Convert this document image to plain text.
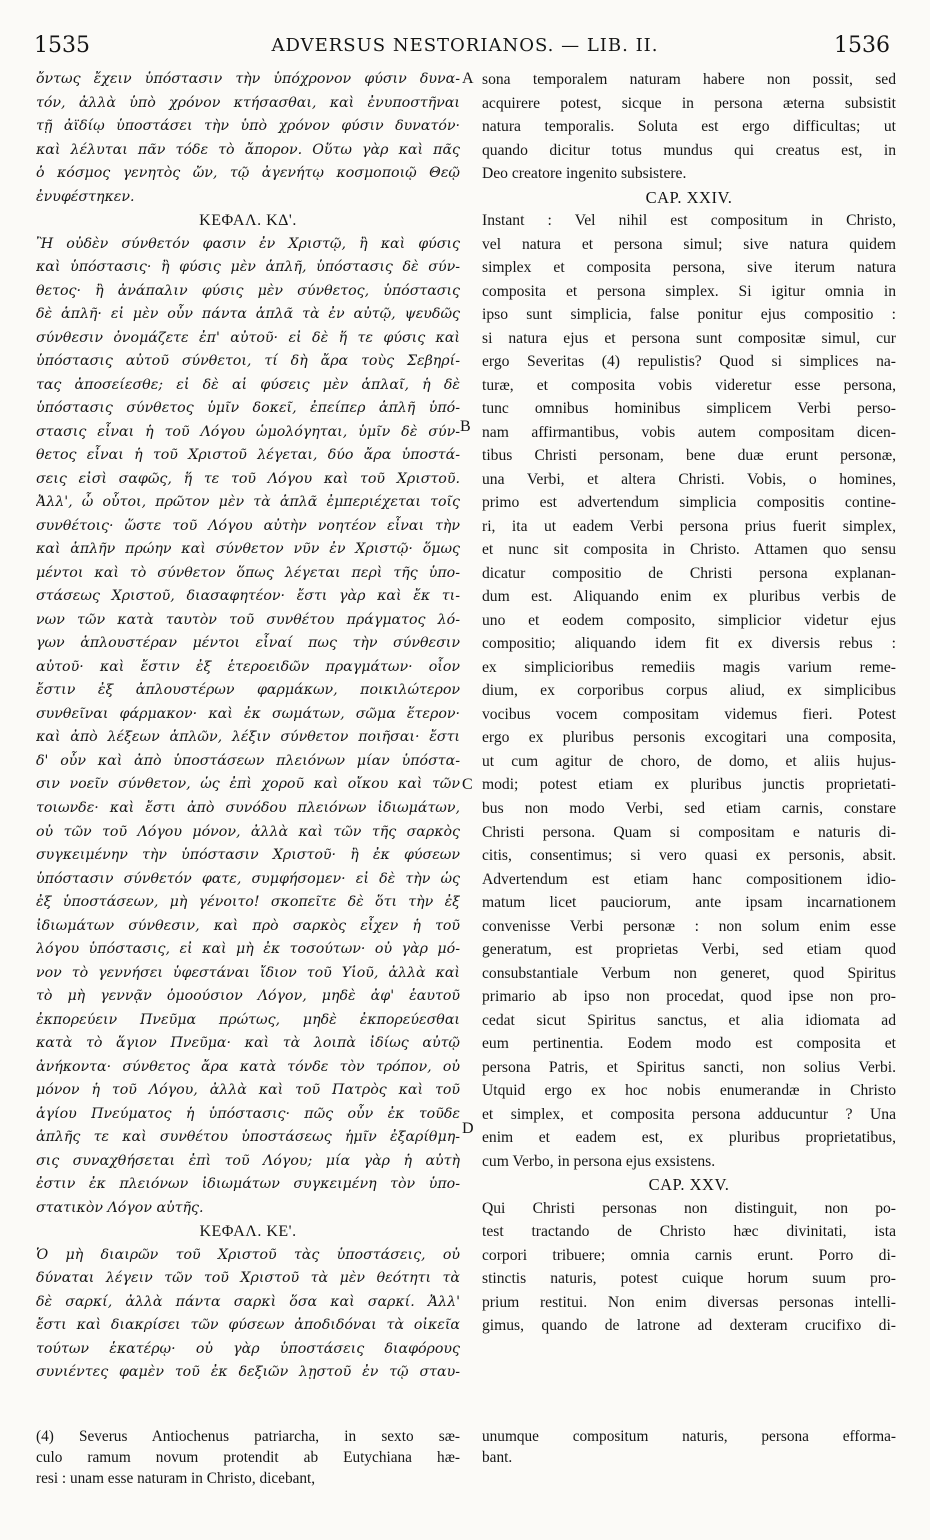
1535	ADVERSUS NESTORIANOS. — LIB. II.	1536
ὄντως ἔχειν ὑπόστασιν τὴν ὑπόχρονον φύσιν δυνα-
τόν, ἀλλὰ ὑπὸ χρόνον κτήσασθαι, καὶ ἐνυποστῆναι
τῇ ἀϊδίῳ ὑποστάσει τὴν ὑπὸ χρόνον φύσιν δυνατόν·
καὶ λέλυται πᾶν τόδε τὸ ἄπορον. Οὕτω γὰρ καὶ πᾶς
ὁ κόσμος γενητὸς ὤν, τῷ ἀγενήτῳ κοσμοποιῷ Θεῷ
ἐνυφέστηκεν.
ΚΕΦΑΛ. ΚΔ'.
Ἢ οὐδὲν σύνθετόν φασιν ἐν Χριστῷ, ἢ καὶ φύσις
καὶ ὑπόστασις· ἢ φύσις μὲν ἁπλῆ, ὑπόστασις δὲ σύν-
θετος· ἢ ἀνάπαλιν φύσις μὲν σύνθετος, ὑπόστασις
δὲ ἁπλῆ· εἰ μὲν οὖν πάντα ἁπλᾶ τὰ ἐν αὐτῷ, ψευδῶς
σύνθεσιν ὀνομάζετε ἐπ' αὐτοῦ· εἰ δὲ ἥ τε φύσις καὶ
ὑπόστασις αὐτοῦ σύνθετοι, τί δὴ ἄρα τοὺς Σεβηρί-
τας ἀποσείεσθε; εἰ δὲ αἱ φύσεις μὲν ἁπλαῖ, ἡ δὲ
ὑπόστασις σύνθετος ὑμῖν δοκεῖ, ἐπείπερ ἁπλῆ ὑπό-
στασις εἶναι ἡ τοῦ Λόγου ὡμολόγηται, ὑμῖν δὲ σύν-
θετος εἶναι ἡ τοῦ Χριστοῦ λέγεται, δύο ἄρα ὑποστά-
σεις εἰσὶ σαφῶς, ἥ τε τοῦ Λόγου καὶ τοῦ Χριστοῦ.
Ἀλλ', ὦ οὗτοι, πρῶτον μὲν τὰ ἁπλᾶ ἐμπεριέχεται τοῖς
συνθέτοις· ὥστε τοῦ Λόγου αὐτὴν νοητέον εἶναι τὴν
καὶ ἁπλῆν πρώην καὶ σύνθετον νῦν ἐν Χριστῷ· ὅμως
μέντοι καὶ τὸ σύνθετον ὅπως λέγεται περὶ τῆς ὑπο-
στάσεως Χριστοῦ, διασαφητέον· ἔστι γὰρ καὶ ἔκ τι-
νων τῶν κατὰ ταυτὸν τοῦ συνθέτου πράγματος λό-
γων ἁπλουστέραν μέντοι εἶναί πως τὴν σύνθεσιν
αὐτοῦ· καὶ ἔστιν ἐξ ἑτεροειδῶν πραγμάτων· οἷον
ἔστιν ἐξ ἁπλουστέρων φαρμάκων, ποικιλώτερον
συνθεῖναι φάρμακον· καὶ ἐκ σωμάτων, σῶμα ἕτερον·
καὶ ἀπὸ λέξεων ἁπλῶν, λέξιν σύνθετον ποιῆσαι· ἔστι
δ' οὖν καὶ ἀπὸ ὑποστάσεων πλειόνων μίαν ὑπόστα-
σιν νοεῖν σύνθετον, ὡς ἐπὶ χοροῦ καὶ οἴκου καὶ τῶν
τοιωνδε· καὶ ἔστι ἀπὸ συνόδου πλειόνων ἰδιωμάτων,
οὐ τῶν τοῦ Λόγου μόνον, ἀλλὰ καὶ τῶν τῆς σαρκὸς
συγκειμένην τὴν ὑπόστασιν Χριστοῦ· ἢ ἐκ φύσεων
ὑπόστασιν σύνθετόν φατε, συμφήσομεν· εἰ δὲ τὴν ὡς
ἐξ ὑποστάσεων, μὴ γένοιτο! σκοπεῖτε δὲ ὅτι τὴν ἐξ
ἰδιωμάτων σύνθεσιν, καὶ πρὸ σαρκὸς εἶχεν ἡ τοῦ
λόγου ὑπόστασις, εἰ καὶ μὴ ἐκ τοσούτων· οὐ γὰρ μό-
νον τὸ γεννήσει ὑφεστάναι ἴδιον τοῦ Υἱοῦ, ἀλλὰ καὶ
τὸ μὴ γεννᾷν ὁμοούσιον Λόγον, μηδὲ ἀφ' ἑαυτοῦ
ἐκπορεύειν Πνεῦμα πρώτως, μηδὲ ἐκπορεύεσθαι
κατὰ τὸ ἅγιον Πνεῦμα· καὶ τὰ λοιπὰ ἰδίως αὐτῷ
ἀνήκοντα· σύνθετος ἄρα κατὰ τόνδε τὸν τρόπον, οὐ
μόνον ἡ τοῦ Λόγου, ἀλλὰ καὶ τοῦ Πατρὸς καὶ τοῦ
ἁγίου Πνεύματος ἡ ὑπόστασις· πῶς οὖν ἐκ τοῦδε
ἁπλῆς τε καὶ συνθέτου ὑποστάσεως ἡμῖν ἐξαρίθμη-
σις συναχθήσεται ἐπὶ τοῦ Λόγου; μία γὰρ ἡ αὐτὴ
ἐστιν ἐκ πλειόνων ἰδιωμάτων συγκειμένη τὸν ὑπο-
στατικὸν Λόγον αὐτῆς.
ΚΕΦΑΛ. ΚΕ'.
Ὁ μὴ διαιρῶν τοῦ Χριστοῦ τὰς ὑποστάσεις, οὐ
δύναται λέγειν τῶν τοῦ Χριστοῦ τὰ μὲν θεότητι τὰ
δὲ σαρκί, ἀλλὰ πάντα σαρκὶ ὅσα καὶ σαρκί. Ἀλλ'
ἔστι καὶ διακρίσει τῶν φύσεων ἀποδιδόναι τὰ οἰκεῖα
τούτων ἑκατέρῳ· οὐ γὰρ ὑποστάσεις διαφόρους
συνιέντες φαμὲν τοῦ ἐκ δεξιῶν λῃστοῦ ἐν τῷ σταυ-
sona temporalem naturam habere non possit, sed
acquirere potest, sicque in persona æterna subsistit
natura temporalis. Soluta est ergo difficultas; ut
quando dicitur totus mundus qui creatus est, in
Deo creatore ingenito subsistere.
CAP. XXIV.
Instant : Vel nihil est compositum in Christo,
vel natura et persona simul; sive natura quidem
simplex et composita persona, sive iterum natura
composita et persona simplex. Si igitur omnia in
ipso sunt simplicia, false ponitur ejus compositio :
si natura ejus et persona sunt compositæ simul, cur
ergo Severitas (4) repulistis? Quod si simplices na-
turæ, et composita vobis videretur esse persona,
tunc omnibus hominibus simplicem Verbi perso-
nam affirmantibus, vobis autem compositam dicen-
tibus Christi personam, bene duæ erunt personæ,
una Verbi, et altera Christi. Vobis, o homines,
primo est advertendum simplicia compositis contine-
ri, ita ut eadem Verbi persona prius fuerit simplex,
et nunc sit composita in Christo. Attamen quo sensu
dicatur compositio de Christi persona explanan-
dum est. Aliquando enim ex pluribus verbis de
uno et eodem composito, simplicior videtur ejus
compositio; aliquando idem fit ex diversis rebus :
ex simplicioribus remediis magis varium reme-
dium, ex corporibus corpus aliud, ex simplicibus
vocibus vocem compositam videmus fieri. Potest
ergo ex pluribus personis excogitari una composita,
ut cum agitur de choro, de domo, et aliis hujus-
modi; potest etiam ex pluribus junctis proprietati-
bus non modo Verbi, sed etiam carnis, constare
Christi persona. Quam si compositam e naturis di-
citis, consentimus; si vero quasi ex personis, absit.
Advertendum est etiam hanc compositionem idio-
matum licet pauciorum, ante ipsam incarnationem
convenisse Verbi personæ : non solum enim esse
generatum, est proprietas Verbi, sed etiam quod
consubstantiale Verbum non generet, quod Spiritus
primario ab ipso non procedat, quod ipse non pro-
cedat sicut Spiritus sanctus, et alia idiomata ad
eum pertinentia. Eodem modo est composita et
persona Patris, et Spiritus sancti, non solius Verbi.
Utquid ergo ex hoc nobis enumerandæ in Christo
et simplex, et composita persona adducuntur ? Una
enim et eadem est, ex pluribus proprietatibus,
cum Verbo, in persona ejus exsistens.
CAP. XXV.
Qui Christi personas non distinguit, non po-
test tractando de Christo hæc divinitati, ista
corpori tribuere; omnia carnis erunt. Porro di-
stinctis naturis, potest cuique horum suum pro-
prium restitui. Non enim diversas personas intelli-
gimus, quando de latrone ad dexteram crucifixo di-
A
B
C
D
(4) Severus Antiochenus patriarcha, in sexto sæ-
culo ramum novum protendit ab Eutychiana hæ-
resi : unam esse naturam in Christo, dicebant,
unumque compositum naturis, persona efforma-
bant.
